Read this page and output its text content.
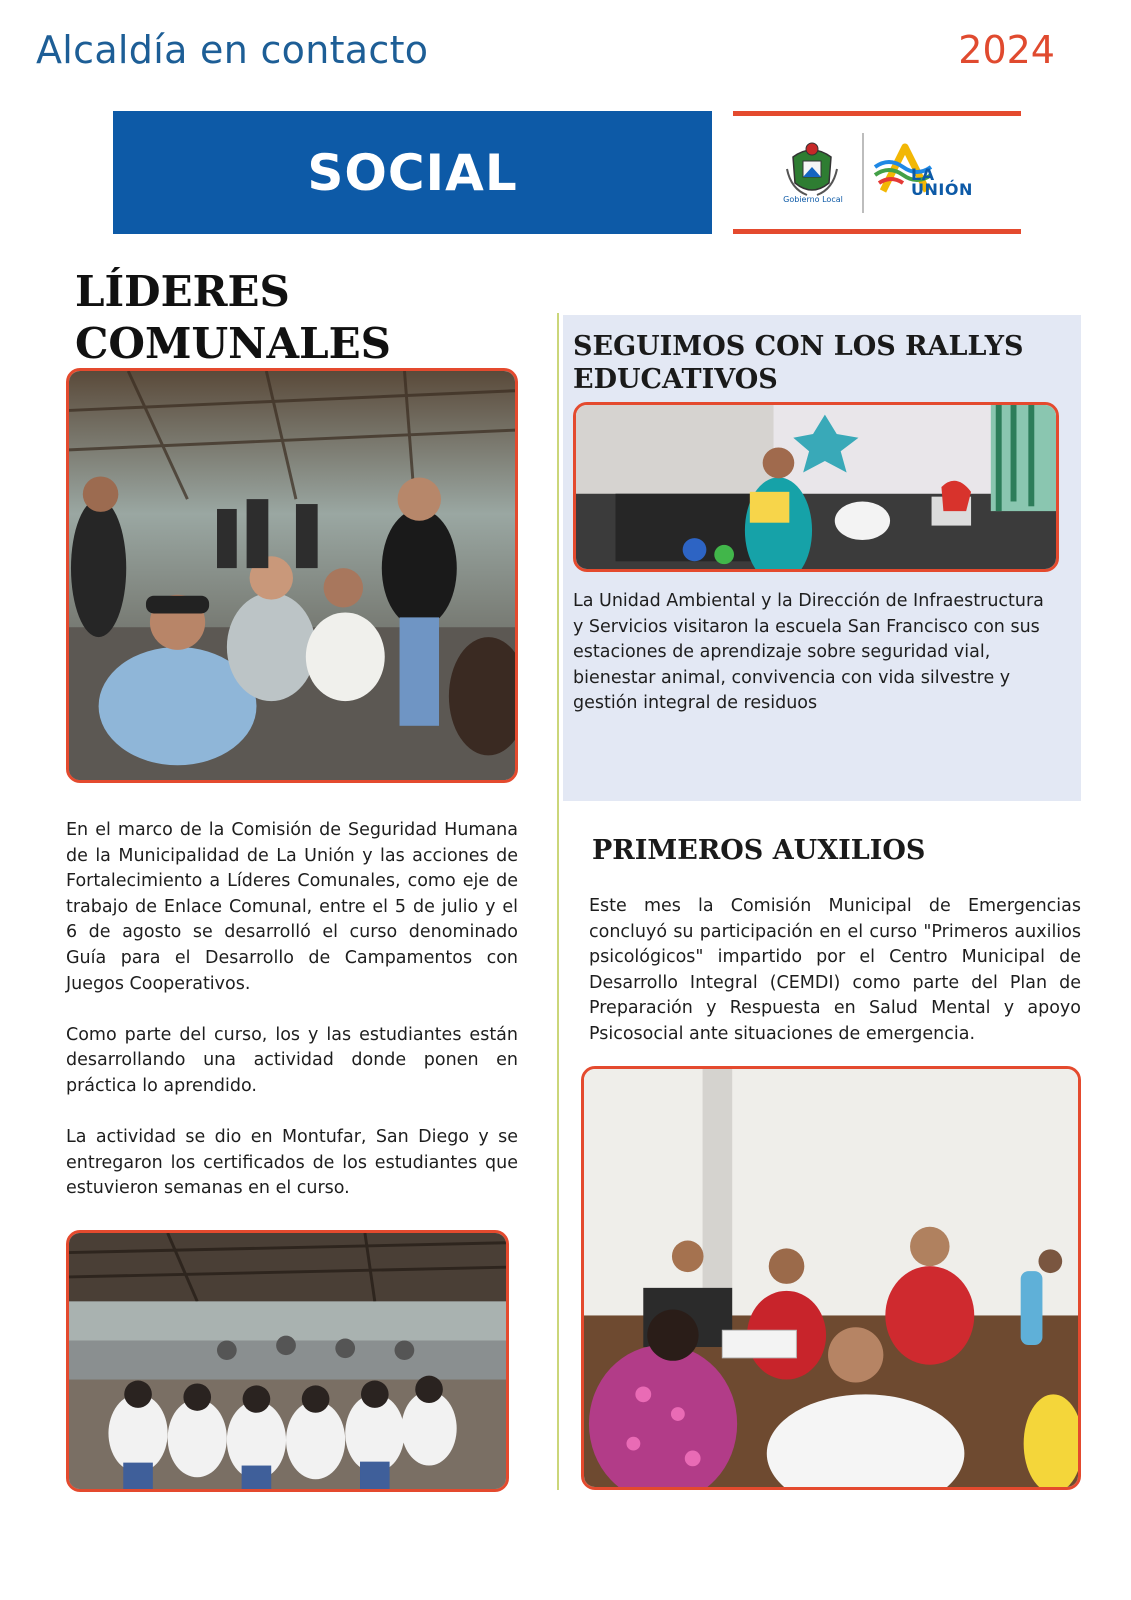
Alcaldía en contacto	2024
SOCIAL	Gobierno Local
LA
UNIÓN
LÍDERES
COMUNALES

En el marco de la Comisión de Seguridad Humana de la Municipalidad de La Unión y las acciones de Fortalecimiento a Líderes Comunales, como eje de trabajo de Enlace Comunal, entre el 5 de julio y el 6 de agosto se desarrolló el curso denominado Guía para el Desarrollo de Campamentos con Juegos Cooperativos.

Como parte del curso, los y las estudiantes están desarrollando una actividad donde ponen en práctica lo aprendido.

La actividad se dio en Montufar, San Diego y se entregaron los certificados de los estudiantes que estuvieron semanas en el curso.

SEGUIMOS CON LOS RALLYS
EDUCATIVOS

La Unidad Ambiental y la Dirección de Infraestructura y Servicios visitaron la escuela San Francisco con sus estaciones de aprendizaje sobre seguridad vial, bienestar animal, convivencia con vida silvestre y gestión integral de residuos

PRIMEROS AUXILIOS

Este mes la Comisión Municipal de Emergencias concluyó su participación en el curso "Primeros auxilios psicológicos" impartido por el Centro Municipal de Desarrollo Integral (CEMDI) como parte del Plan de Preparación y Respuesta en Salud Mental y apoyo Psicosocial ante situaciones de emergencia.
